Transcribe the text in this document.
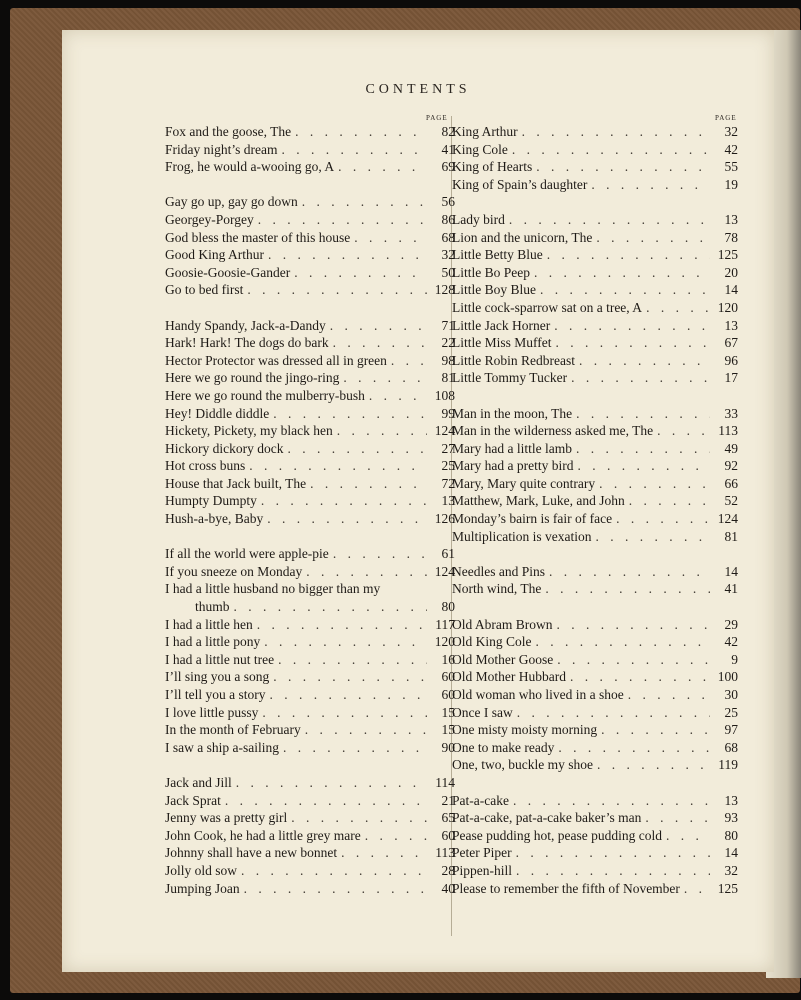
CONTENTS
PAGE	PAGE
Fox and the goose, The . . .	82
Friday night’s dream . . .	41
Frog, he would a-wooing go, A . . .	69
Gay go up, gay go down . . .	56
Georgey-Porgey . . .	86
God bless the master of this house . . .	68
Good King Arthur . . .	32
Goosie-Goosie-Gander . . .	50
Go to bed first . . .	128
Handy Spandy, Jack-a-Dandy . . .	71
Hark! Hark! The dogs do bark . . .	22
Hector Protector was dressed all in green . . .	98
Here we go round the jingo-ring . . .	81
Here we go round the mulberry-bush . . .	108
Hey! Diddle diddle . . .	99
Hickety, Pickety, my black hen . . .	124
Hickory dickory dock . . .	27
Hot cross buns . . .	25
House that Jack built, The . . .	72
Humpty Dumpty . . .	13
Hush-a-bye, Baby . . .	126
If all the world were apple-pie . . .	61
If you sneeze on Monday . . .	124
I had a little husband no bigger than my
thumb . . .	80
I had a little hen . . .	117
I had a little pony . . .	120
I had a little nut tree . . .	16
I’ll sing you a song . . .	60
I’ll tell you a story . . .	60
I love little pussy . . .	15
In the month of February . . .	15
I saw a ship a-sailing . . .	90
Jack and Jill . . .	114
Jack Sprat . . .	21
Jenny was a pretty girl . . .	65
John Cook, he had a little grey mare . . .	60
Johnny shall have a new bonnet . . .	113
Jolly old sow . . .	28
Jumping Joan . . .	40
King Arthur . . .	32
King Cole . . .	42
King of Hearts . . .	55
King of Spain’s daughter . . .	19
Lady bird . . .	13
Lion and the unicorn, The . . .	78
Little Betty Blue . . .	125
Little Bo Peep . . .	20
Little Boy Blue . . .	14
Little cock-sparrow sat on a tree, A . . .	120
Little Jack Horner . . .	13
Little Miss Muffet . . .	67
Little Robin Redbreast . . .	96
Little Tommy Tucker . . .	17
Man in the moon, The . . .	33
Man in the wilderness asked me, The . . .	113
Mary had a little lamb . . .	49
Mary had a pretty bird . . .	92
Mary, Mary quite contrary . . .	66
Matthew, Mark, Luke, and John . . .	52
Monday’s bairn is fair of face . . .	124
Multiplication is vexation . . .	81
Needles and Pins . . .	14
North wind, The . . .	41
Old Abram Brown . . .	29
Old King Cole . . .	42
Old Mother Goose . . .	9
Old Mother Hubbard . . .	100
Old woman who lived in a shoe . . .	30
Once I saw . . .	25
One misty moisty morning . . .	97
One to make ready . . .	68
One, two, buckle my shoe . . .	119
Pat-a-cake . . .	13
Pat-a-cake, pat-a-cake baker’s man . . .	93
Pease pudding hot, pease pudding cold . . .	80
Peter Piper . . .	14
Pippen-hill . . .	32
Please to remember the fifth of November . . .	125
